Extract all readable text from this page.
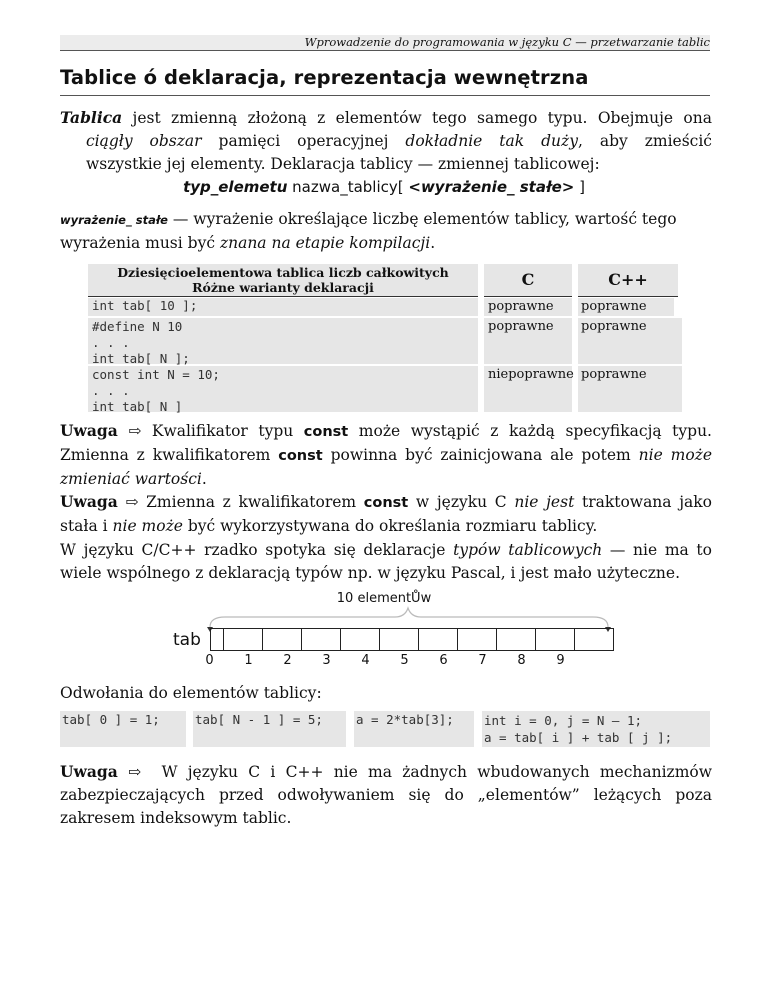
Wprowadzenie do programowania w języku C — przetwarzanie tablic
Tablice ó deklaracja, reprezentacja wewnętrzna
Tablica jest zmienną złożoną z elementów tego samego typu. Obejmuje ona
ciągły obszar pamięci operacyjnej dokładnie tak duży, aby zmieścić
wszystkie jej elementy. Deklaracja tablicy — zmiennej tablicowej:
typ_elemetu nazwa_tablicy[ <wyrażenie_ stałe> ]
wyrażenie_ stałe — wyrażenie określające liczbę elementów tablicy, wartość tego
wyrażenia musi być znana na etapie kompilacji.
Dziesięcioelementowa tablica liczb całkowitych
Różne warianty deklaracji	C	C++
int tab[ 10 ];	poprawne	poprawne
#define N 10
. . .
int tab[ N ];
poprawne	poprawne
const int N = 10;
. . .
int tab[ N ]
niepoprawne poprawne
Uwaga ⇨ Kwalifikator typu const może wystąpić z każdą specyfikacją typu.
Zmienna z kwalifikatorem const powinna być zainicjowana ale potem nie może
zmieniać wartości.
Uwaga ⇨ Zmienna z kwalifikatorem const w języku C nie jest traktowana jako
stała i nie może być wykorzystywana do określania rozmiaru tablicy.
W języku C/C++ rzadko spotyka się deklaracje typów tablicowych — nie ma to
wiele wspólnego z deklaracją typów np. w języku Pascal, i jest mało użyteczne.
10 elementŮw
tab
0	1	2	3	4	5	6	7	8	9
Odwołania do elementów tablicy:
tab[ 0 ] = 1;	tab[ N - 1 ] = 5;	a = 2*tab[3];	int i = 0, j = N – 1;
a = tab[ i ] + tab [ j ];
Uwaga ⇨  W języku C i C++ nie ma żadnych wbudowanych mechanizmów
zabezpieczających przed odwoływaniem się do „elementów” leżących poza
zakresem indeksowym tablic.
